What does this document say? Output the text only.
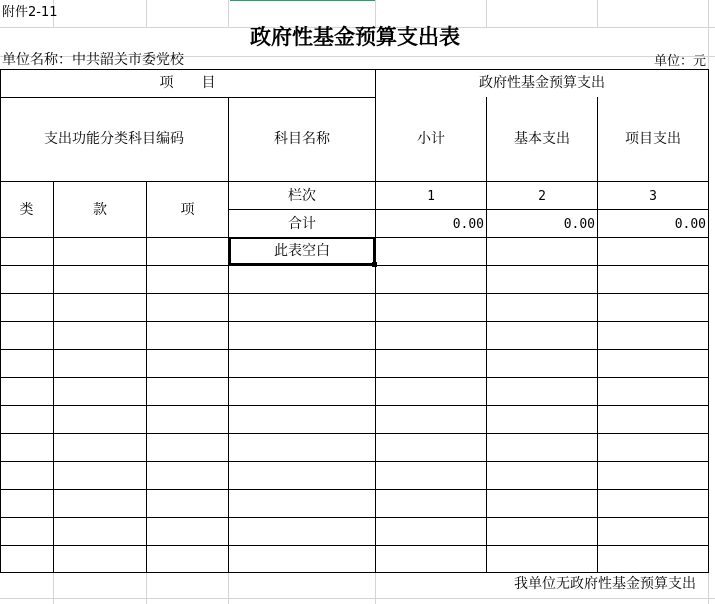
附件2-11
政府性基金预算支出表
单位名称：中共韶关市委党校	单位：元
项　　目	政府性基金预算支出
支出功能分类科目编码	科目名称	小计	基本支出	项目支出
类	款	项
栏次	1	2	3
合计	0.00	0.00	0.00
此表空白
我单位无政府性基金预算支出
